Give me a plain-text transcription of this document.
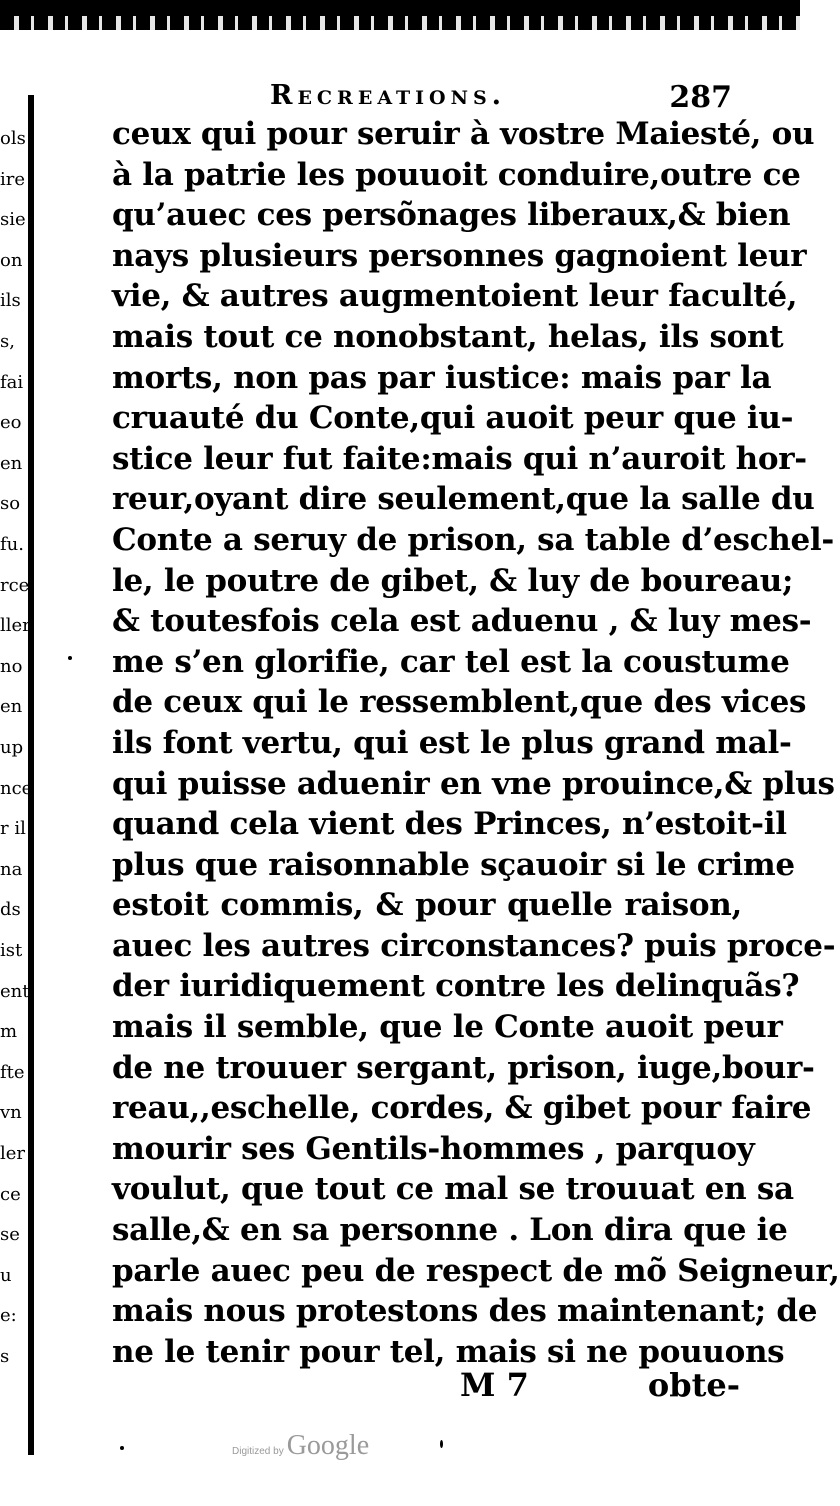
ols
ire
sie
on
ils
s,
fai
eo
en
so
fu.
rce
ller
no
en
up
nce
r il
na
ds
ist
ent
m
fte
vn
ler
ce
se
u
e:
s
Recreations.	287
ceux qui pour seruir à vostre Maiesté, ou
à la patrie les pouuoit conduire,outre ce
qu’auec ces persõnages liberaux,& bien
nays plusieurs personnes gagnoient leur
vie, & autres augmentoient leur faculté,
mais tout ce nonobstant, helas, ils sont
morts, non pas par iustice: mais par la
cruauté du Conte,qui auoit peur que iu-
stice leur fut faite:mais qui n’auroit hor-
reur,oyant dire seulement,que la salle du
Conte a seruy de prison, sa table d’eschel-
le, le poutre de gibet, & luy de boureau;
& toutesfois cela est aduenu , & luy mes-
me s’en glorifie, car tel est la coustume
de ceux qui le ressemblent,que des vices
ils font vertu, qui est le plus grand mal-
qui puisse aduenir en vne prouince,& plus
quand cela vient des Princes, n’estoit-il
plus que raisonnable sçauoir si le crime
estoit commis, & pour quelle raison,
auec les autres circonstances? puis proce-
der iuridiquement contre les delinquãs?
mais il semble, que le Conte auoit peur
de ne trouuer sergant, prison, iuge,bour-
reau,,eschelle, cordes, & gibet pour faire
mourir ses Gentils-hommes , parquoy
voulut, que tout ce mal se trouuat en sa
salle,& en sa personne . Lon dira que ie
parle auec peu de respect de mõ Seigneur,
mais nous protestons des maintenant; de
ne le tenir pour tel, mais si ne pouuons
M 7	obte-
Digitized by Google
